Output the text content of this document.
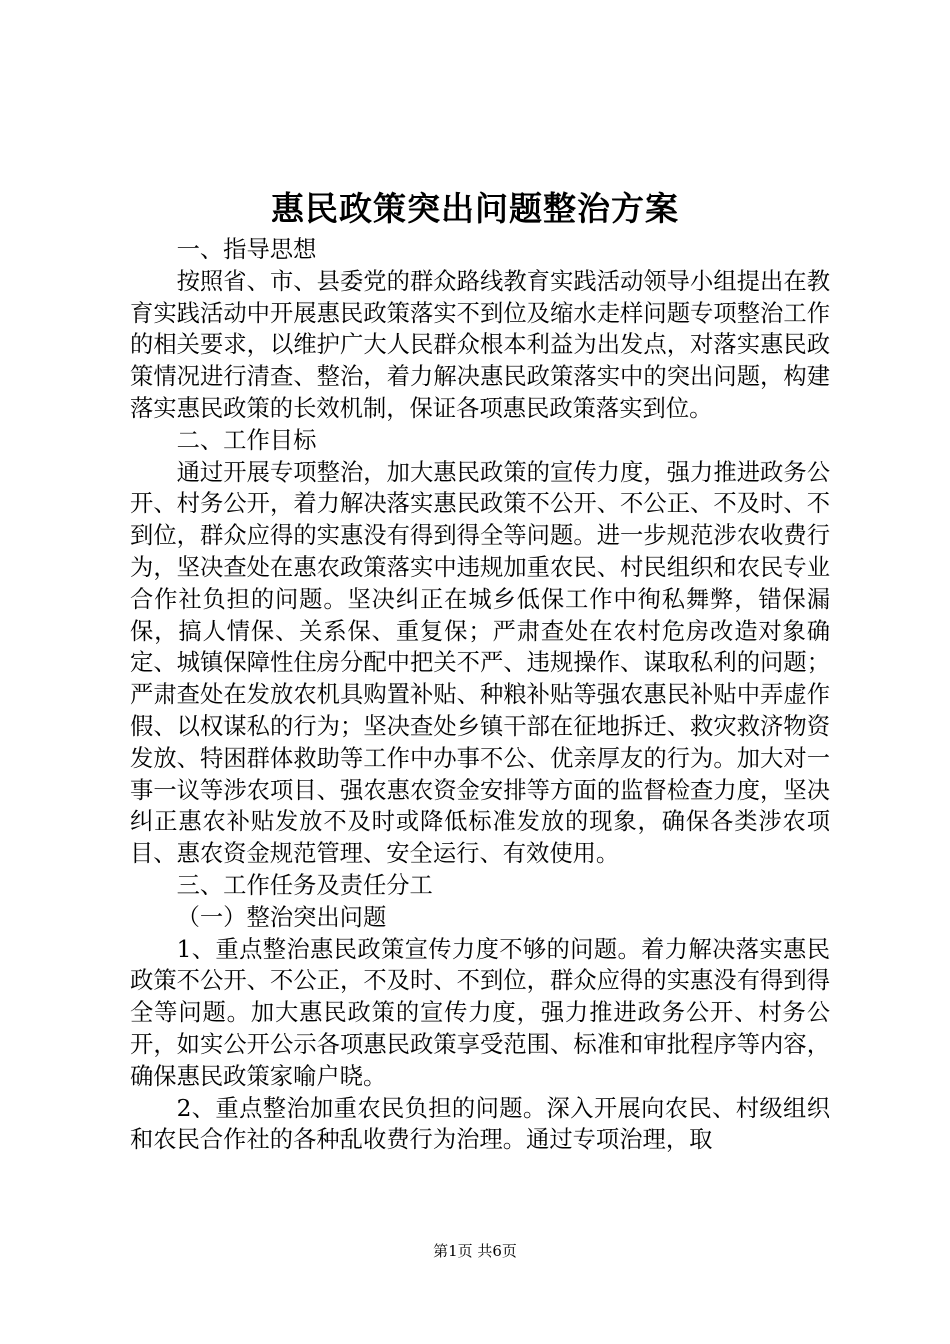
惠民政策突出问题整治方案

一、指导思想

按照省、市、县委党的群众路线教育实践活动领导小组提出在教育实践活动中开展惠民政策落实不到位及缩水走样问题专项整治工作的相关要求，以维护广大人民群众根本利益为出发点，对落实惠民政策情况进行清查、整治，着力解决惠民政策落实中的突出问题，构建落实惠民政策的长效机制，保证各项惠民政策落实到位。

二、工作目标

通过开展专项整治，加大惠民政策的宣传力度，强力推进政务公开、村务公开，着力解决落实惠民政策不公开、不公正、不及时、不到位，群众应得的实惠没有得到得全等问题。进一步规范涉农收费行为，坚决查处在惠农政策落实中违规加重农民、村民组织和农民专业合作社负担的问题。坚决纠正在城乡低保工作中徇私舞弊，错保漏保，搞人情保、关系保、重复保；严肃查处在农村危房改造对象确定、城镇保障性住房分配中把关不严、违规操作、谋取私利的问题；严肃查处在发放农机具购置补贴、种粮补贴等强农惠民补贴中弄虚作假、以权谋私的行为；坚决查处乡镇干部在征地拆迁、救灾救济物资发放、特困群体救助等工作中办事不公、优亲厚友的行为。加大对一事一议等涉农项目、强农惠农资金安排等方面的监督检查力度，坚决纠正惠农补贴发放不及时或降低标准发放的现象，确保各类涉农项目、惠农资金规范管理、安全运行、有效使用。

三、工作任务及责任分工

（一）整治突出问题

1、重点整治惠民政策宣传力度不够的问题。着力解决落实惠民政策不公开、不公正，不及时、不到位，群众应得的实惠没有得到得全等问题。加大惠民政策的宣传力度，强力推进政务公开、村务公开，如实公开公示各项惠民政策享受范围、标准和审批程序等内容，确保惠民政策家喻户晓。

2、重点整治加重农民负担的问题。深入开展向农民、村级组织和农民合作社的各种乱收费行为治理。通过专项治理，取

第1页 共6页
